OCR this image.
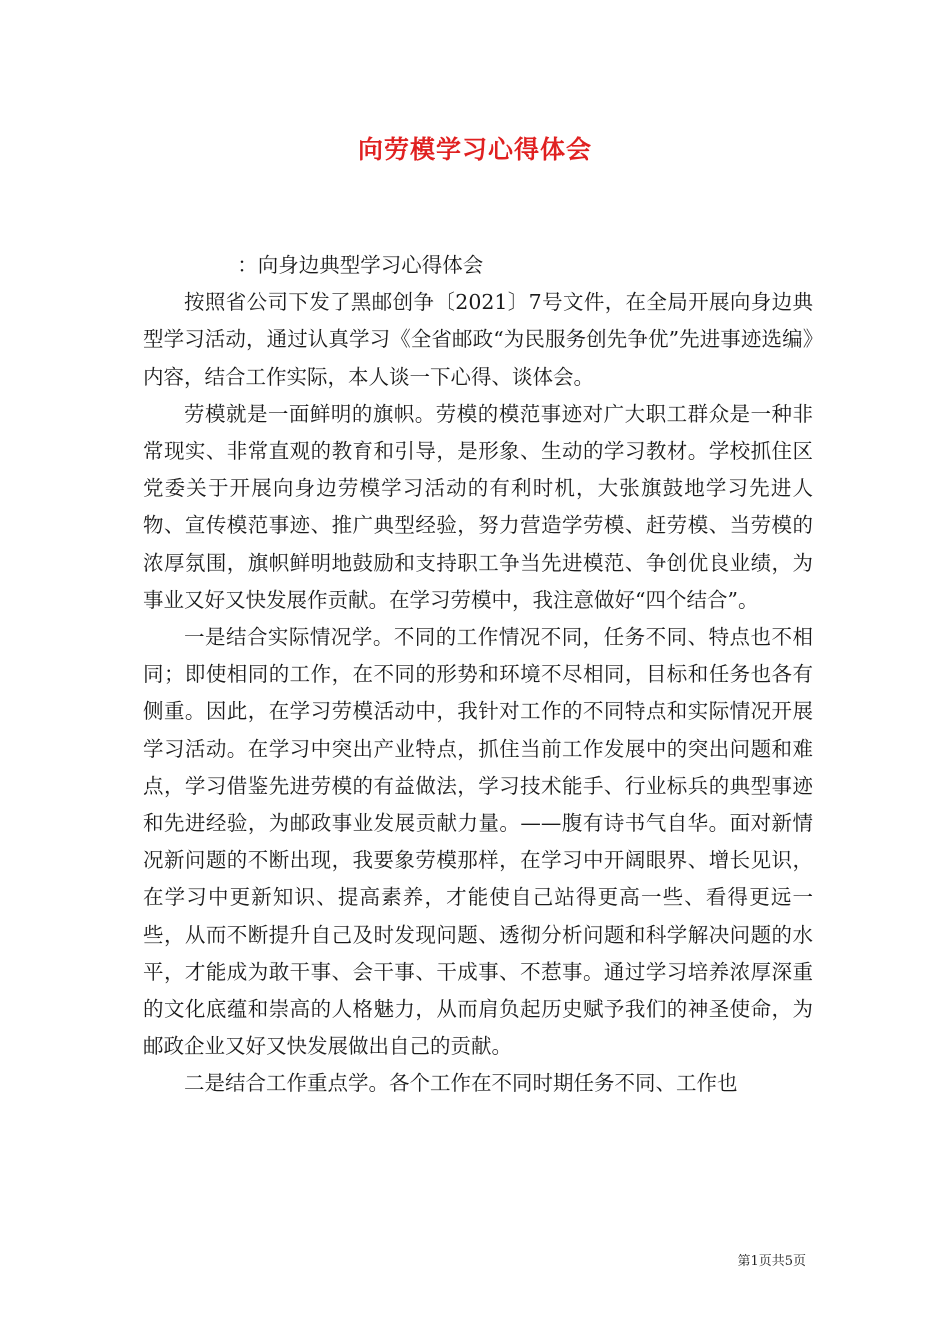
向劳模学习心得体会

：向身边典型学习心得体会

按照省公司下发了黑邮创争〔2021〕7号文件，在全局开展向身边典型学习活动，通过认真学习《全省邮政“为民服务创先争优”先进事迹选编》内容，结合工作实际，本人谈一下心得、谈体会。

劳模就是一面鲜明的旗帜。劳模的模范事迹对广大职工群众是一种非常现实、非常直观的教育和引导，是形象、生动的学习教材。学校抓住区党委关于开展向身边劳模学习活动的有利时机，大张旗鼓地学习先进人物、宣传模范事迹、推广典型经验，努力营造学劳模、赶劳模、当劳模的浓厚氛围，旗帜鲜明地鼓励和支持职工争当先进模范、争创优良业绩，为事业又好又快发展作贡献。在学习劳模中，我注意做好“四个结合”。

一是结合实际情况学。不同的工作情况不同，任务不同、特点也不相同；即使相同的工作，在不同的形势和环境不尽相同，目标和任务也各有侧重。因此，在学习劳模活动中，我针对工作的不同特点和实际情况开展学习活动。在学习中突出产业特点，抓住当前工作发展中的突出问题和难点，学习借鉴先进劳模的有益做法，学习技术能手、行业标兵的典型事迹和先进经验，为邮政事业发展贡献力量。——腹有诗书气自华。面对新情况新问题的不断出现，我要象劳模那样，在学习中开阔眼界、增长见识，在学习中更新知识、提高素养，才能使自己站得更高一些、看得更远一些，从而不断提升自己及时发现问题、透彻分析问题和科学解决问题的水平，才能成为敢干事、会干事、干成事、不惹事。通过学习培养浓厚深重的文化底蕴和崇高的人格魅力，从而肩负起历史赋予我们的神圣使命，为邮政企业又好又快发展做出自己的贡献。

二是结合工作重点学。各个工作在不同时期任务不同、工作也

第1页共5页
